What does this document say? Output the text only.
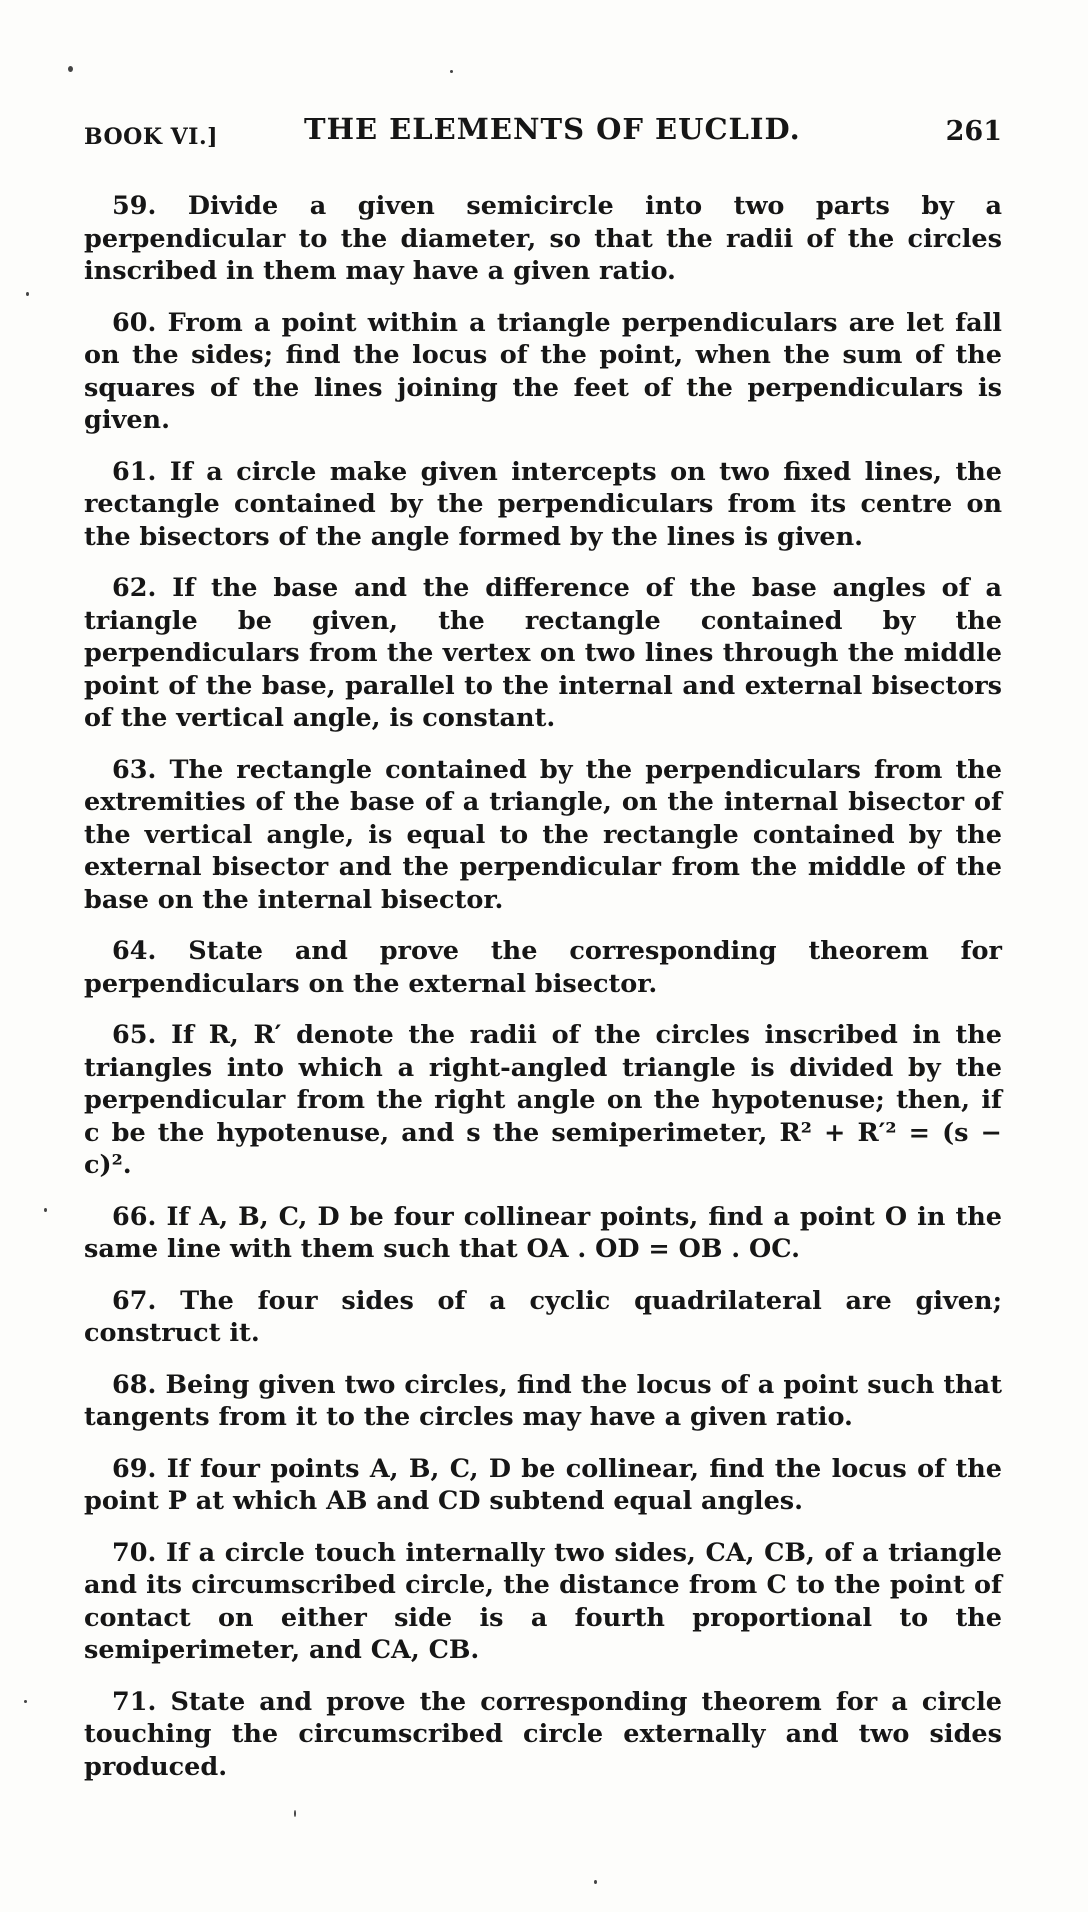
BOOK VI.]	THE ELEMENTS OF EUCLID.	261

59. Divide a given semicircle into two parts by a perpendicular to the diameter, so that the radii of the circles inscribed in them may have a given ratio.

60. From a point within a triangle perpendiculars are let fall on the sides; find the locus of the point, when the sum of the squares of the lines joining the feet of the perpendiculars is given.

61. If a circle make given intercepts on two fixed lines, the rectangle contained by the perpendiculars from its centre on the bisectors of the angle formed by the lines is given.

62. If the base and the difference of the base angles of a triangle be given, the rectangle contained by the perpendiculars from the vertex on two lines through the middle point of the base, parallel to the internal and external bisectors of the vertical angle, is constant.

63. The rectangle contained by the perpendiculars from the extremities of the base of a triangle, on the internal bisector of the vertical angle, is equal to the rectangle contained by the external bisector and the perpendicular from the middle of the base on the internal bisector.

64. State and prove the corresponding theorem for perpendiculars on the external bisector.

65. If R, R′ denote the radii of the circles inscribed in the triangles into which a right-angled triangle is divided by the perpendicular from the right angle on the hypotenuse; then, if c be the hypotenuse, and s the semiperimeter, R² + R′² = (s − c)².

66. If A, B, C, D be four collinear points, find a point O in the same line with them such that OA . OD = OB . OC.

67. The four sides of a cyclic quadrilateral are given; construct it.

68. Being given two circles, find the locus of a point such that tangents from it to the circles may have a given ratio.

69. If four points A, B, C, D be collinear, find the locus of the point P at which AB and CD subtend equal angles.

70. If a circle touch internally two sides, CA, CB, of a triangle and its circumscribed circle, the distance from C to the point of contact on either side is a fourth proportional to the semiperimeter, and CA, CB.

71. State and prove the corresponding theorem for a circle touching the circumscribed circle externally and two sides produced.
